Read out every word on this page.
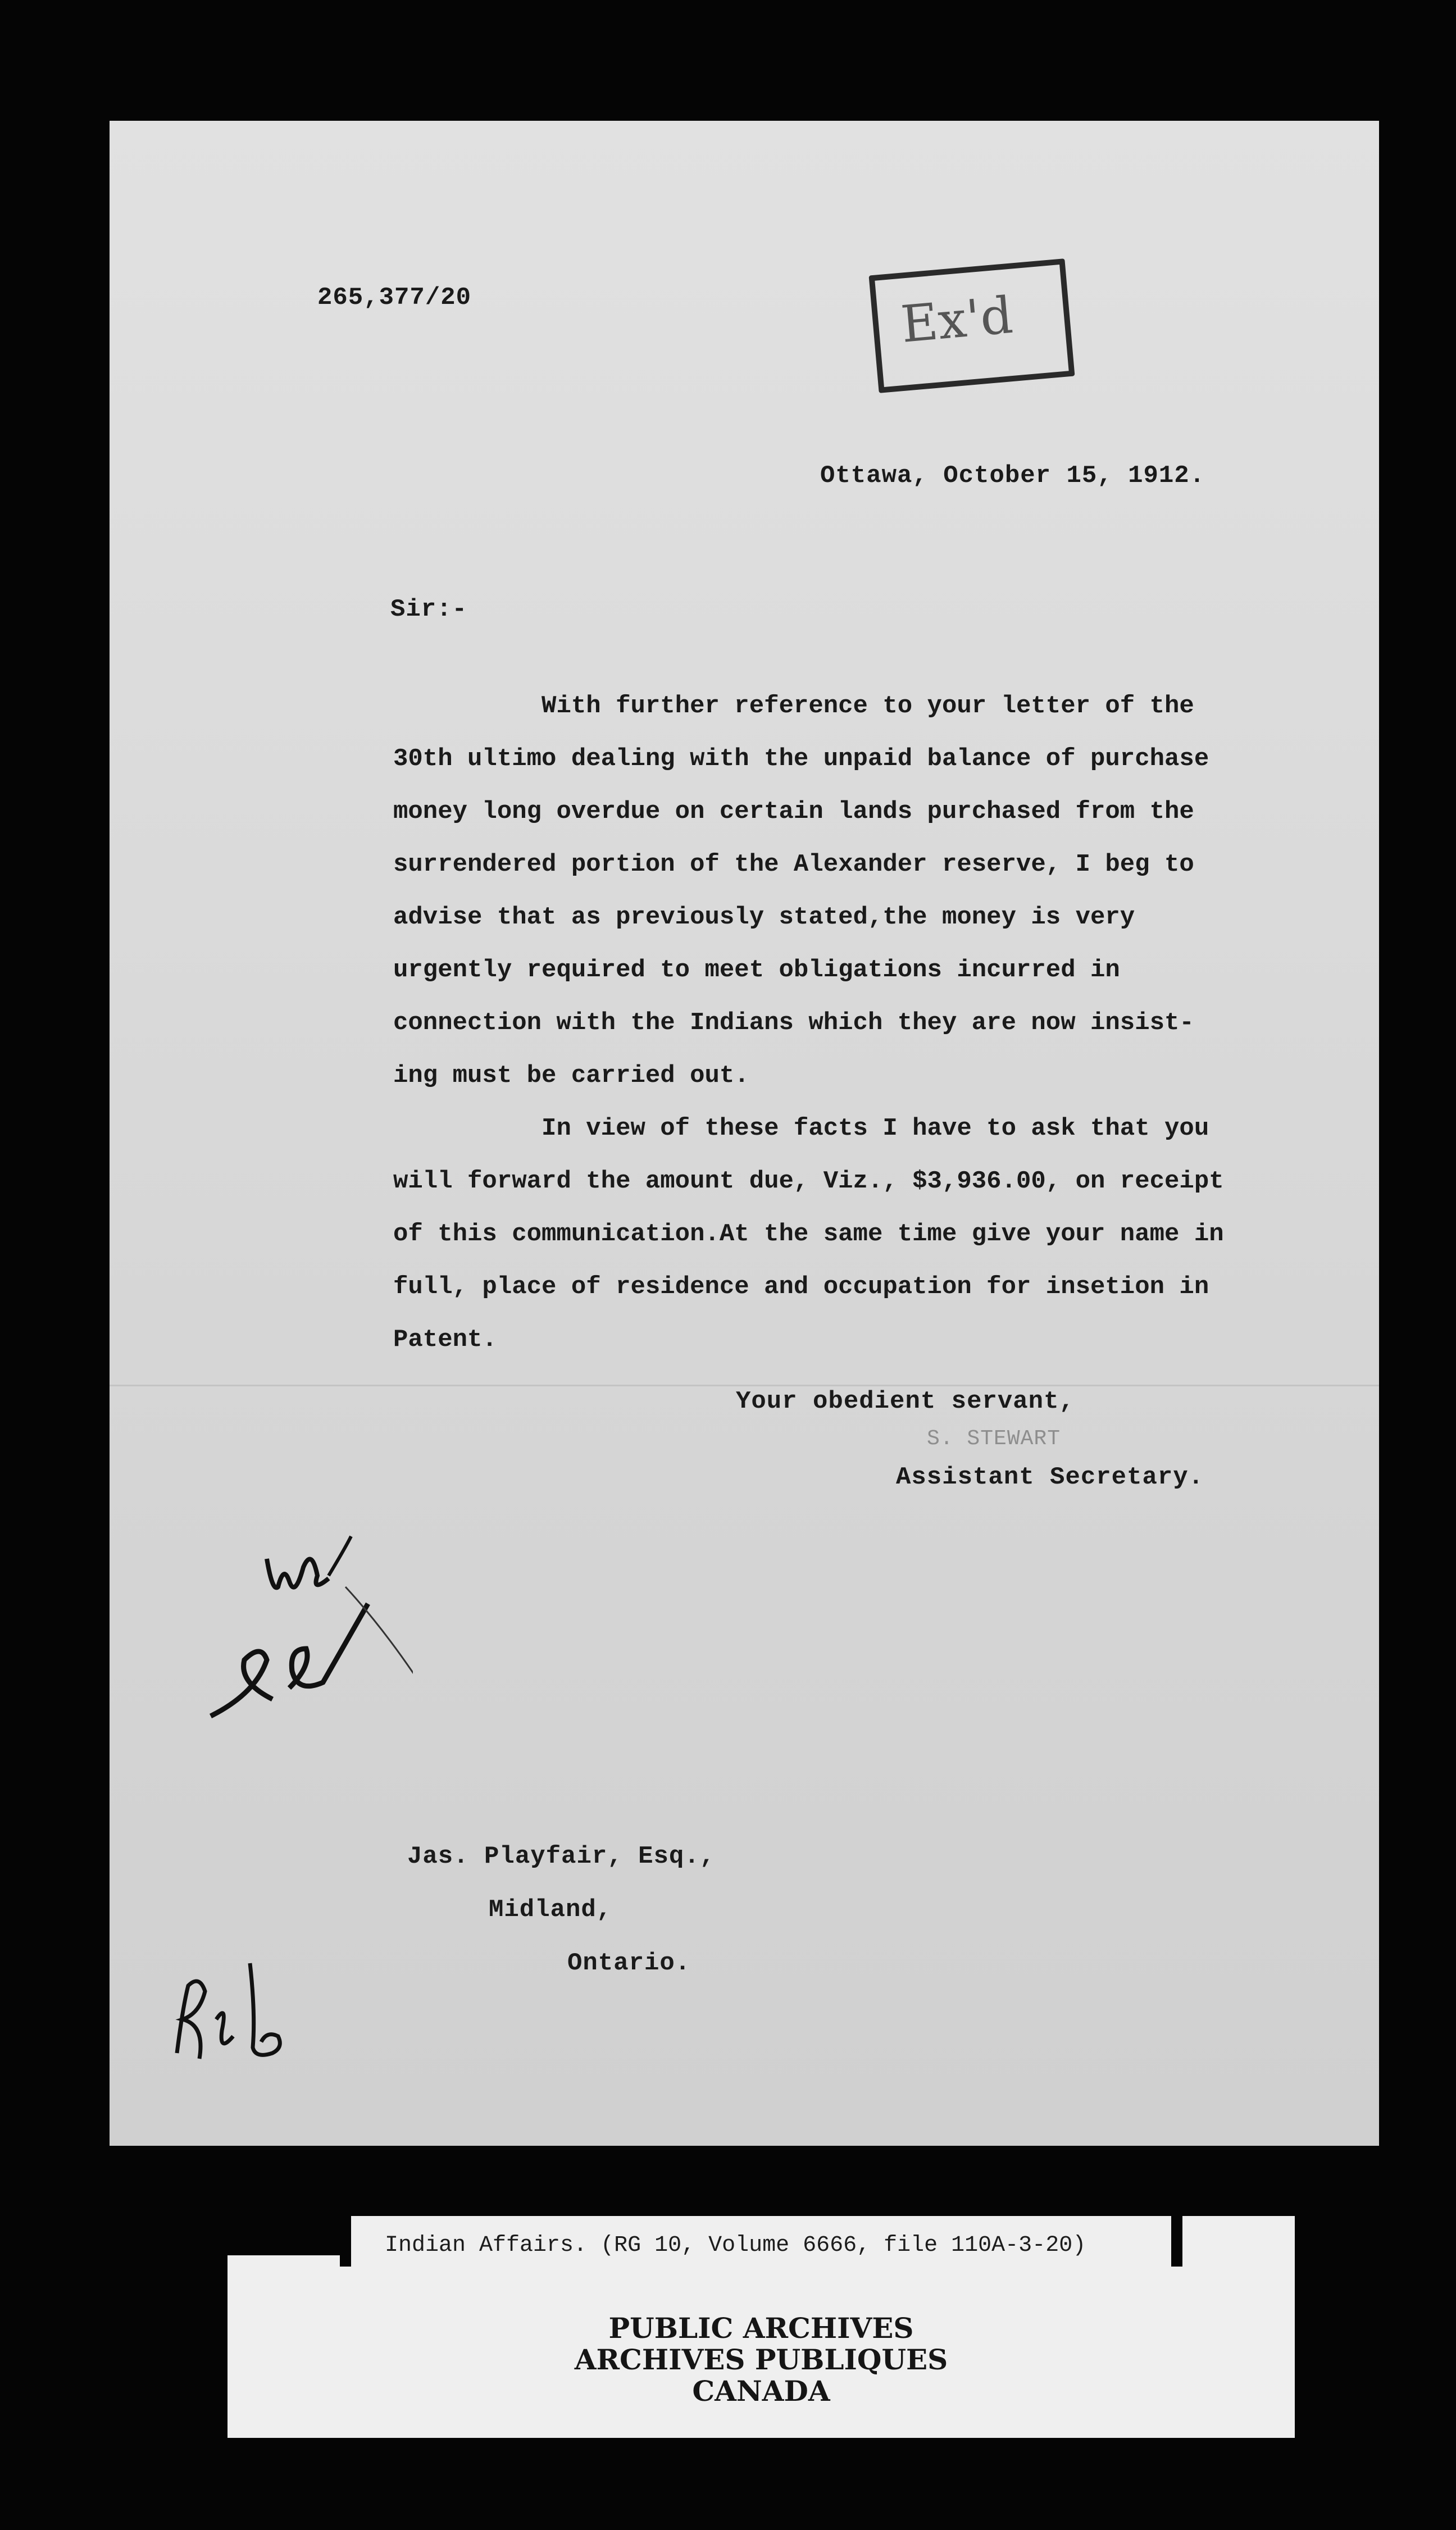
265,377/20	Ex'd
Ottawa, October 15, 1912.
Sir:-
With further reference to your letter of the
30th ultimo dealing with the unpaid balance of purchase
money long overdue on certain lands purchased from the
surrendered portion of the Alexander reserve, I beg to
advise that as previously stated,the money is very
urgently required to meet obligations incurred in
connection with the Indians which they are now insist-
ing must be carried out.
In view of these facts I have to ask that you
will forward the amount due, Viz., $3,936.00, on receipt
of this communication.At the same time give your name in
full, place of residence and occupation for insetion in
Patent.
Your obedient servant,
S. STEWART
Assistant Secretary.
Jas. Playfair, Esq.,
Midland,
Ontario.
Indian Affairs. (RG 10, Volume 6666, file 110A-3-20)
PUBLIC ARCHIVES
ARCHIVES PUBLIQUES
CANADA
